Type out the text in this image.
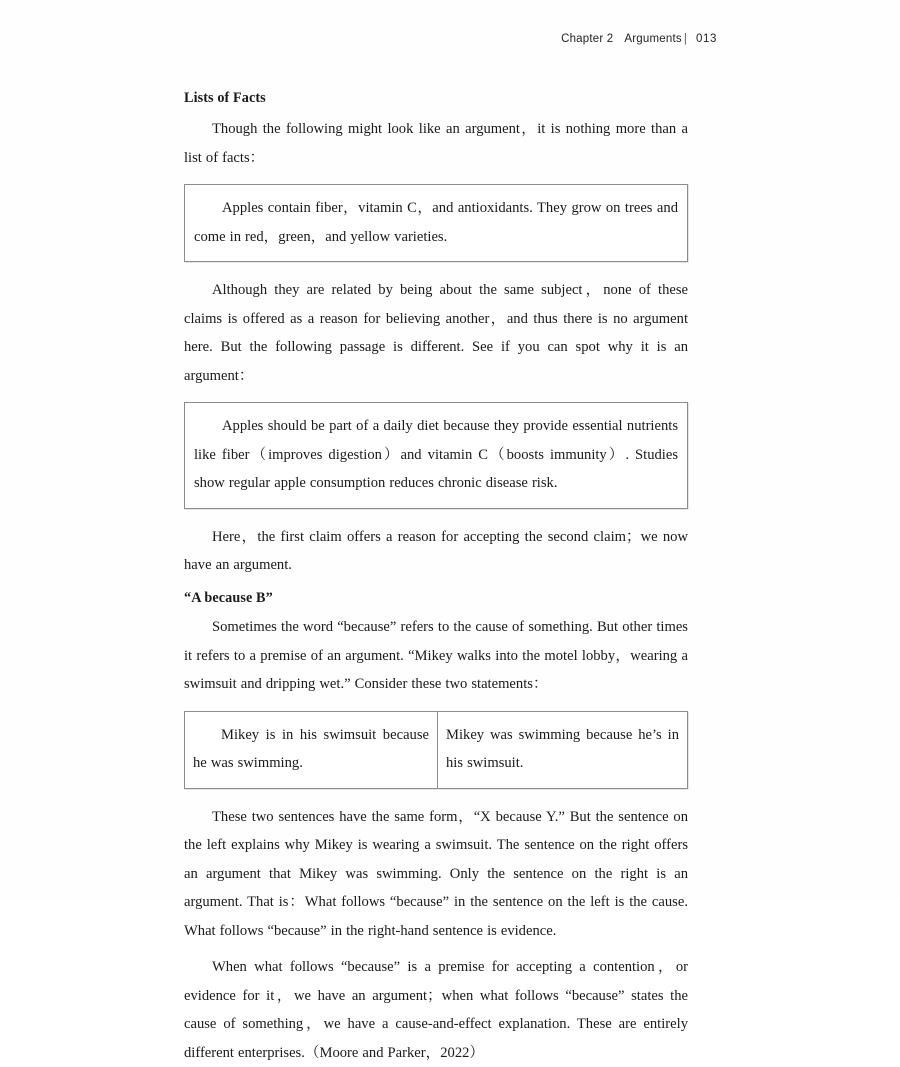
Chapter 2 Arguments | 013
Lists of Facts

Though the following might look like an argument，it is nothing more than a list of facts：

Apples contain fiber，vitamin C，and antioxidants. They grow on trees and come in red，green，and yellow varieties.

Although they are related by being about the same subject，none of these claims is offered as a reason for believing another，and thus there is no argument here. But the following passage is different. See if you can spot why it is an argument：

Apples should be part of a daily diet because they provide essential nutrients like fiber（improves digestion）and vitamin C（boosts immunity）. Studies show regular apple consumption reduces chronic disease risk.

Here，the first claim offers a reason for accepting the second claim；we now have an argument.

“A because B”

Sometimes the word “because” refers to the cause of something. But other times it refers to a premise of an argument. “Mikey walks into the motel lobby，wearing a swimsuit and dripping wet.” Consider these two statements：

Mikey is in his swimsuit because he was swimming.

Mikey was swimming because he’s in his swimsuit.

These two sentences have the same form，“X because Y.” But the sentence on the left explains why Mikey is wearing a swimsuit. The sentence on the right offers an argument that Mikey was swimming. Only the sentence on the right is an argument. That is：What follows “because” in the sentence on the left is the cause. What follows “because” in the right-hand sentence is evidence.

When what follows “because” is a premise for accepting a contention，or evidence for it，we have an argument；when what follows “because” states the cause of something，we have a cause-and-effect explanation. These are entirely different enterprises.（Moore and Parker，2022）
